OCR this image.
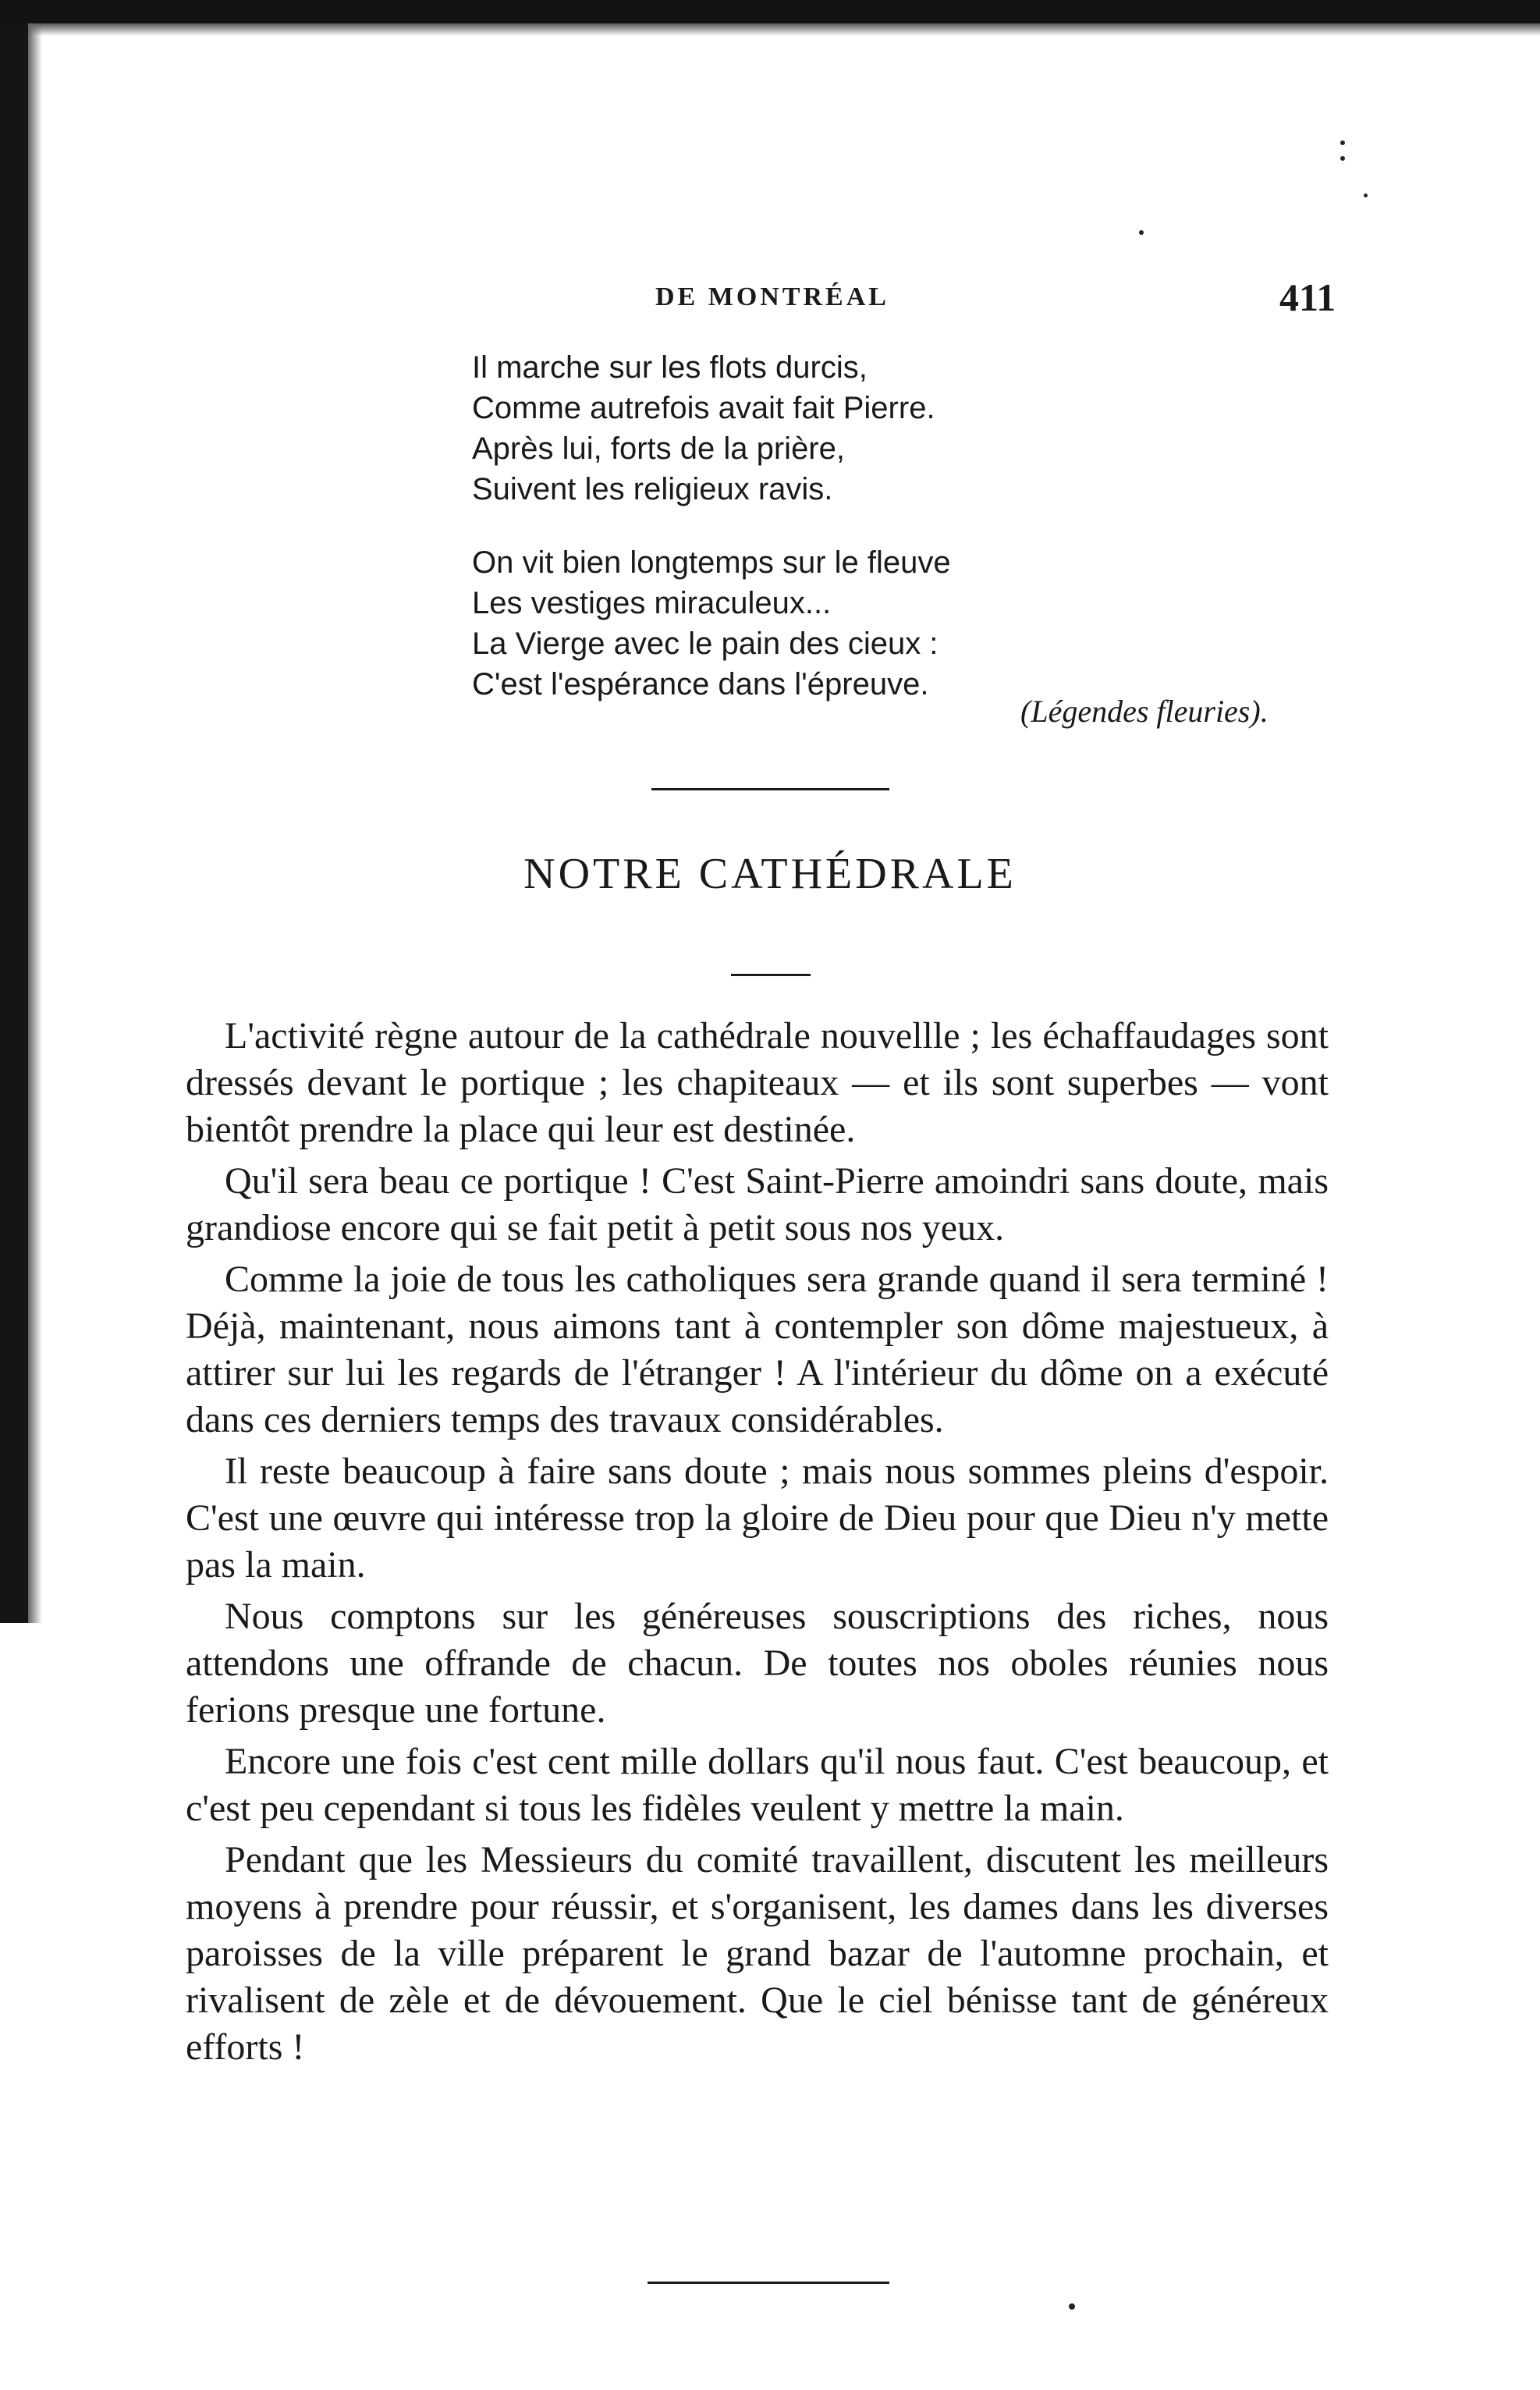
DE MONTRÉAL	411
Il marche sur les flots durcis,
Comme autrefois avait fait Pierre.
Après lui, forts de la prière,
Suivent les religieux ravis.
On vit bien longtemps sur le fleuve
Les vestiges miraculeux...
La Vierge avec le pain des cieux :
C'est l'espérance dans l'épreuve.
(Légendes fleuries).
NOTRE CATHÉDRALE

L'activité règne autour de la cathédrale nouvellle ; les échaffaudages sont dressés devant le portique ; les chapiteaux — et ils sont superbes — vont bientôt prendre la place qui leur est destinée.

Qu'il sera beau ce portique ! C'est Saint-Pierre amoindri sans doute, mais grandiose encore qui se fait petit à petit sous nos yeux.

Comme la joie de tous les catholiques sera grande quand il sera terminé ! Déjà, maintenant, nous aimons tant à contempler son dôme majestueux, à attirer sur lui les regards de l'étranger ! A l'intérieur du dôme on a exécuté dans ces derniers temps des travaux considérables.

Il reste beaucoup à faire sans doute ; mais nous sommes pleins d'espoir. C'est une œuvre qui intéresse trop la gloire de Dieu pour que Dieu n'y mette pas la main.

Nous comptons sur les généreuses souscriptions des riches, nous attendons une offrande de chacun. De toutes nos oboles réunies nous ferions presque une fortune.

Encore une fois c'est cent mille dollars qu'il nous faut. C'est beaucoup, et c'est peu cependant si tous les fidèles veulent y mettre la main.

Pendant que les Messieurs du comité travaillent, discutent les meilleurs moyens à prendre pour réussir, et s'organisent, les dames dans les diverses paroisses de la ville préparent le grand bazar de l'automne prochain, et rivalisent de zèle et de dévouement. Que le ciel bénisse tant de généreux efforts !
